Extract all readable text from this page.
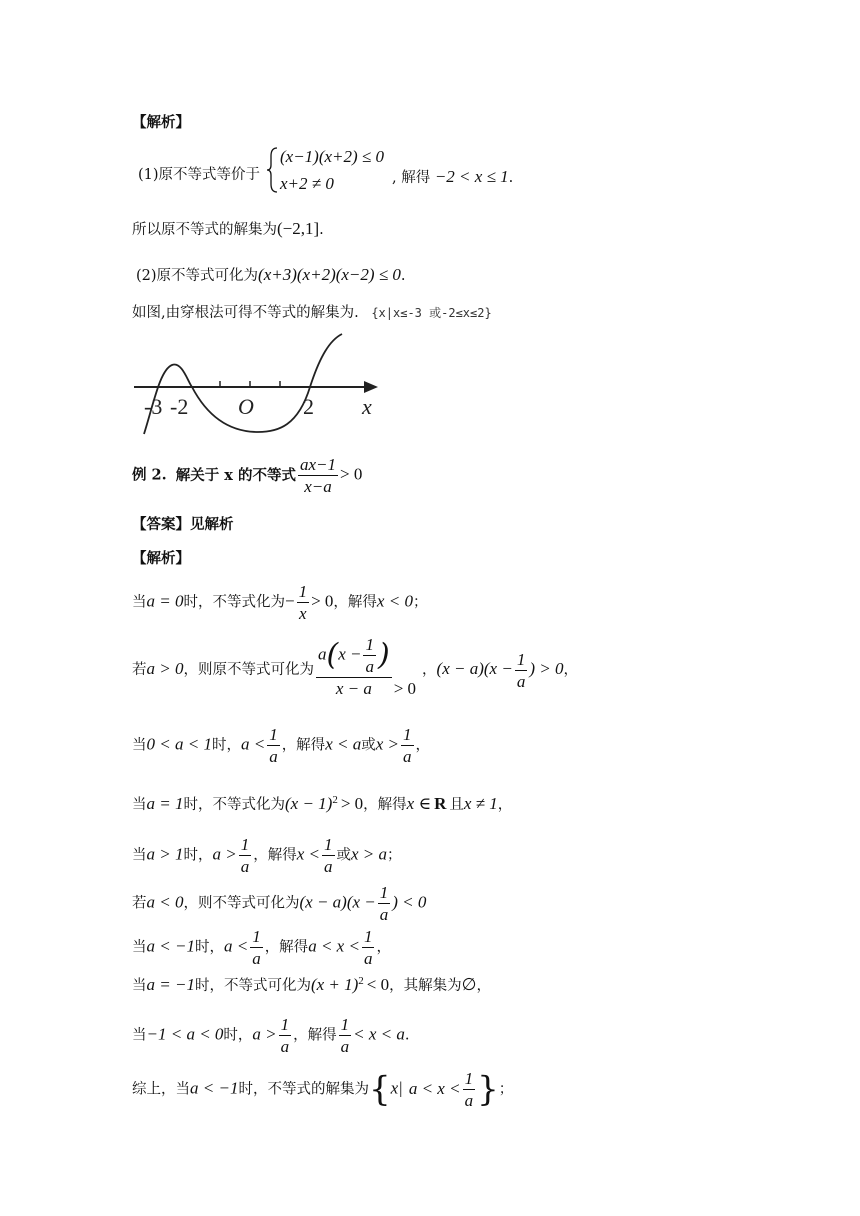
【解析】
(1)原不等式等价于
(x−1)(x+2) ≤ 0
x+2 ≠ 0	, 解得 −2 < x ≤ 1.
所以原不等式的解集为(−2,1].
(2)原不等式可化为(x+3)(x+2)(x−2) ≤ 0.
如图,由穿根法可得不等式的解集为. {x|x≤-3 或-2≤x≤2}
-3 -2 O 2 x
例 2. 解关于 x 的不等式 $\frac{ax-1}{x-a} > 0$
【答案】见解析
【解析】
当a = 0时，不等式化为− $\frac{1}{x} > 0$，解得x < 0；
若a > 0，则原不等式可化为 $\frac{a(x - \frac{1}{a} )}{x - a} > 0$，$(x - a)(x - \frac{1}{a}$ ) > 0，
当0 < a < 1时，$a < \frac{1}{a}$ ，解得x < a或$x > \frac{1}{a}$ ，
当a = 1时，不等式化为$(x - 1)^2 > 0$，解得x ∈ R 且x ≠ 1，
当a > 1时，$a > \frac{1}{a}$ ，解得$x < \frac{1}{a}$ 或x > a；
若a < 0，则不等式可化为$(x - a)(x - \frac{1}{a}$ ) < 0
当a < −1时，$a < \frac{1}{a}$ ，解得$a < x < \frac{1}{a}$ ，
当a = −1时，不等式可化为$(x + 1)^2 < 0$，其解集为∅，
当−1 < a < 0时，$a > \frac{1}{a}$ ，解得 $\frac{1}{a} < x < a$.
综上，当a < −1时，不等式的解集为{x| $a < x < \frac{1}{a}$ }；
